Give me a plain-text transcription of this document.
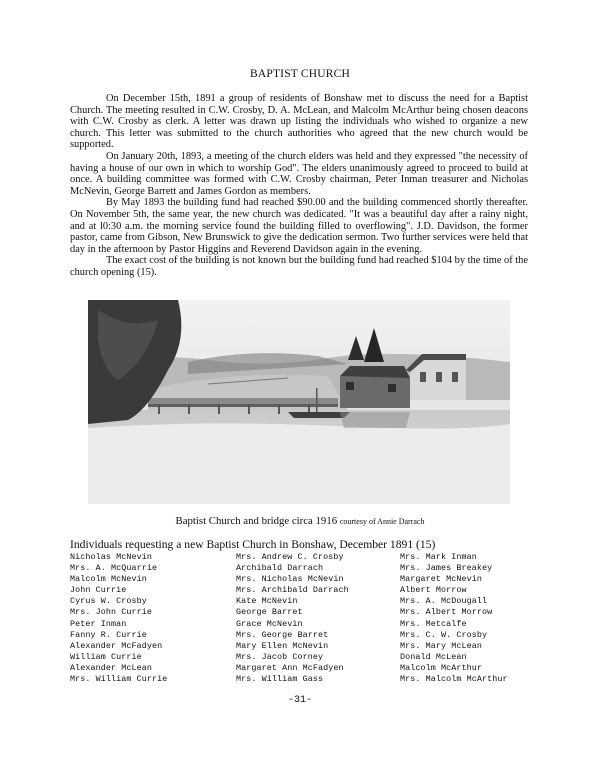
BAPTIST CHURCH

On December 15th, 1891 a group of residents of Bonshaw met to discuss the need for a Baptist Church. The meeting resulted in C.W. Crosby, D. A. McLean, and Malcolm McArthur being chosen deacons with C.W. Crosby as clerk. A letter was drawn up listing the individuals who wished to organize a new church. This letter was submitted to the church authorities who agreed that the new church would be supported.

On January 20th, 1893, a meeting of the church elders was held and they expressed "the necessity of having a house of our own in which to worship God". The elders unanimously agreed to proceed to build at once. A building committee was formed with C.W. Crosby chairman, Peter Inman treasurer and Nicholas McNevin, George Barrett and James Gordon as members.

By May 1893 the building fund had reached $90.00 and the building commenced shortly thereafter. On November 5th, the same year, the new church was dedicated. "It was a beautiful day after a rainy night, and at l0:30 a.m. the morning service found the building filled to overflowing". J.D. Davidson, the former pastor, came from Gibson, New Brunswick to give the dedication sermon. Two further services were held that day in the afternoon by Pastor Higgins and Reverend Davidson again in the evening.

The exact cost of the building is not known but the building fund had reached $104 by the time of the church opening (15).

Baptist Church and bridge circa 1916 courtesy of Annie Darrach
Individuals requesting a new Baptist Church in Bonshaw, December 1891 (15)
Nicholas McNevin
Mrs. A. McQuarrie
Malcolm McNevin
John Currie
Cyrus W. Crosby
Mrs. John Currie
Peter Inman
Fanny R. Currie
Alexander McFadyen
William Currie
Alexander McLean
Mrs. William Currie
Mrs. Andrew C. Crosby
Archibald Darrach
Mrs. Nicholas McNevin
Mrs. Archibald Darrach
Kate McNevin
George Barret
Grace McNevin
Mrs. George Barret
Mary Ellen McNevin
Mrs. Jacob Corney
Margaret Ann McFadyen
Mrs. William Gass
Mrs. Mark Inman
Mrs. James Breakey
Margaret McNevin
Albert Morrow
Mrs. A. McDougall
Mrs. Albert Morrow
Mrs. Metcalfe
Mrs. C. W. Crosby
Mrs. Mary McLean
Donald McLean
Malcolm McArthur
Mrs. Malcolm McArthur
-31-
